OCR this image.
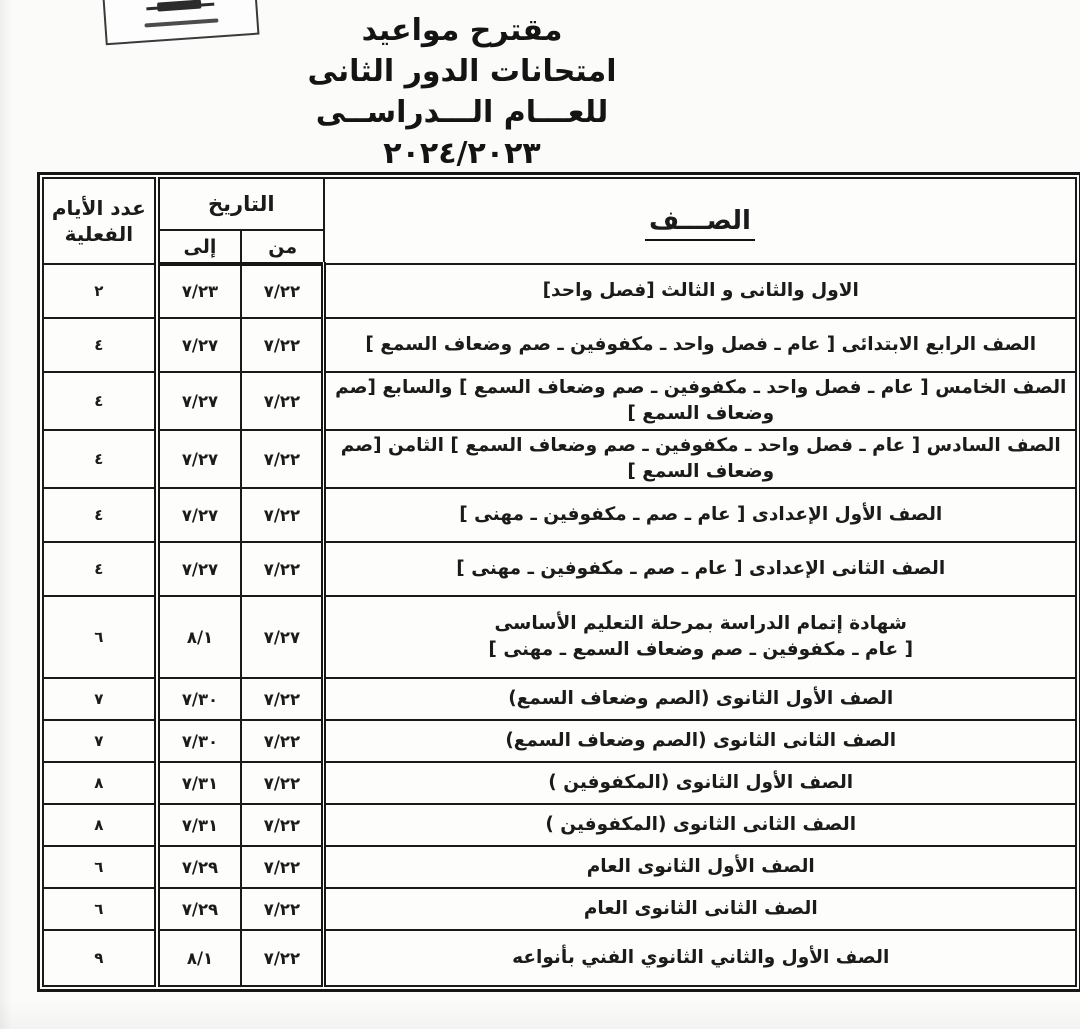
مقترح مواعيد
امتحانات الدور الثانى
للعـــام الـــدراســى ٢٠٢٤/٢٠٢٣
الصـــف	التاريخ		عدد الأيام
الفعلية

	من	إلى	

الاول والثانى و الثالث [فصل واحد]	٧/٢٢	٧/٢٣	٢

الصف الرابع الابتدائى [ عام ـ فصل واحد ـ مكفوفين ـ صم وضعاف السمع ]	٧/٢٢	٧/٢٧	٤

الصف الخامس [ عام ـ فصل واحد ـ مكفوفين ـ صم وضعاف السمع ] والسابع [صم وضعاف السمع ]	٧/٢٢	٧/٢٧	٤

الصف السادس [ عام ـ فصل واحد ـ مكفوفين ـ صم وضعاف السمع ] الثامن [صم وضعاف السمع ]	٧/٢٢	٧/٢٧	٤

الصف الأول الإعدادى [ عام ـ صم ـ مكفوفين ـ مهنى ]	٧/٢٢	٧/٢٧	٤

الصف الثانى الإعدادى [ عام ـ صم ـ مكفوفين ـ مهنى ]	٧/٢٢	٧/٢٧	٤

شهادة إتمام الدراسة بمرحلة التعليم الأساسى
[ عام ـ مكفوفين ـ صم وضعاف السمع ـ مهنى ]	٧/٢٧	٨/١	٦

الصف الأول الثانوى (الصم وضعاف السمع)	٧/٢٢	٧/٣٠	٧

الصف الثانى الثانوى (الصم وضعاف السمع)	٧/٢٢	٧/٣٠	٧

الصف الأول الثانوى (المكفوفين )	٧/٢٢	٧/٣١	٨

الصف الثانى الثانوى (المكفوفين )	٧/٢٢	٧/٣١	٨

الصف الأول الثانوى العام	٧/٢٢	٧/٢٩	٦

الصف الثانى الثانوى العام	٧/٢٢	٧/٢٩	٦

الصف الأول والثاني الثانوي الفني بأنواعه	٧/٢٢	٨/١	٩
